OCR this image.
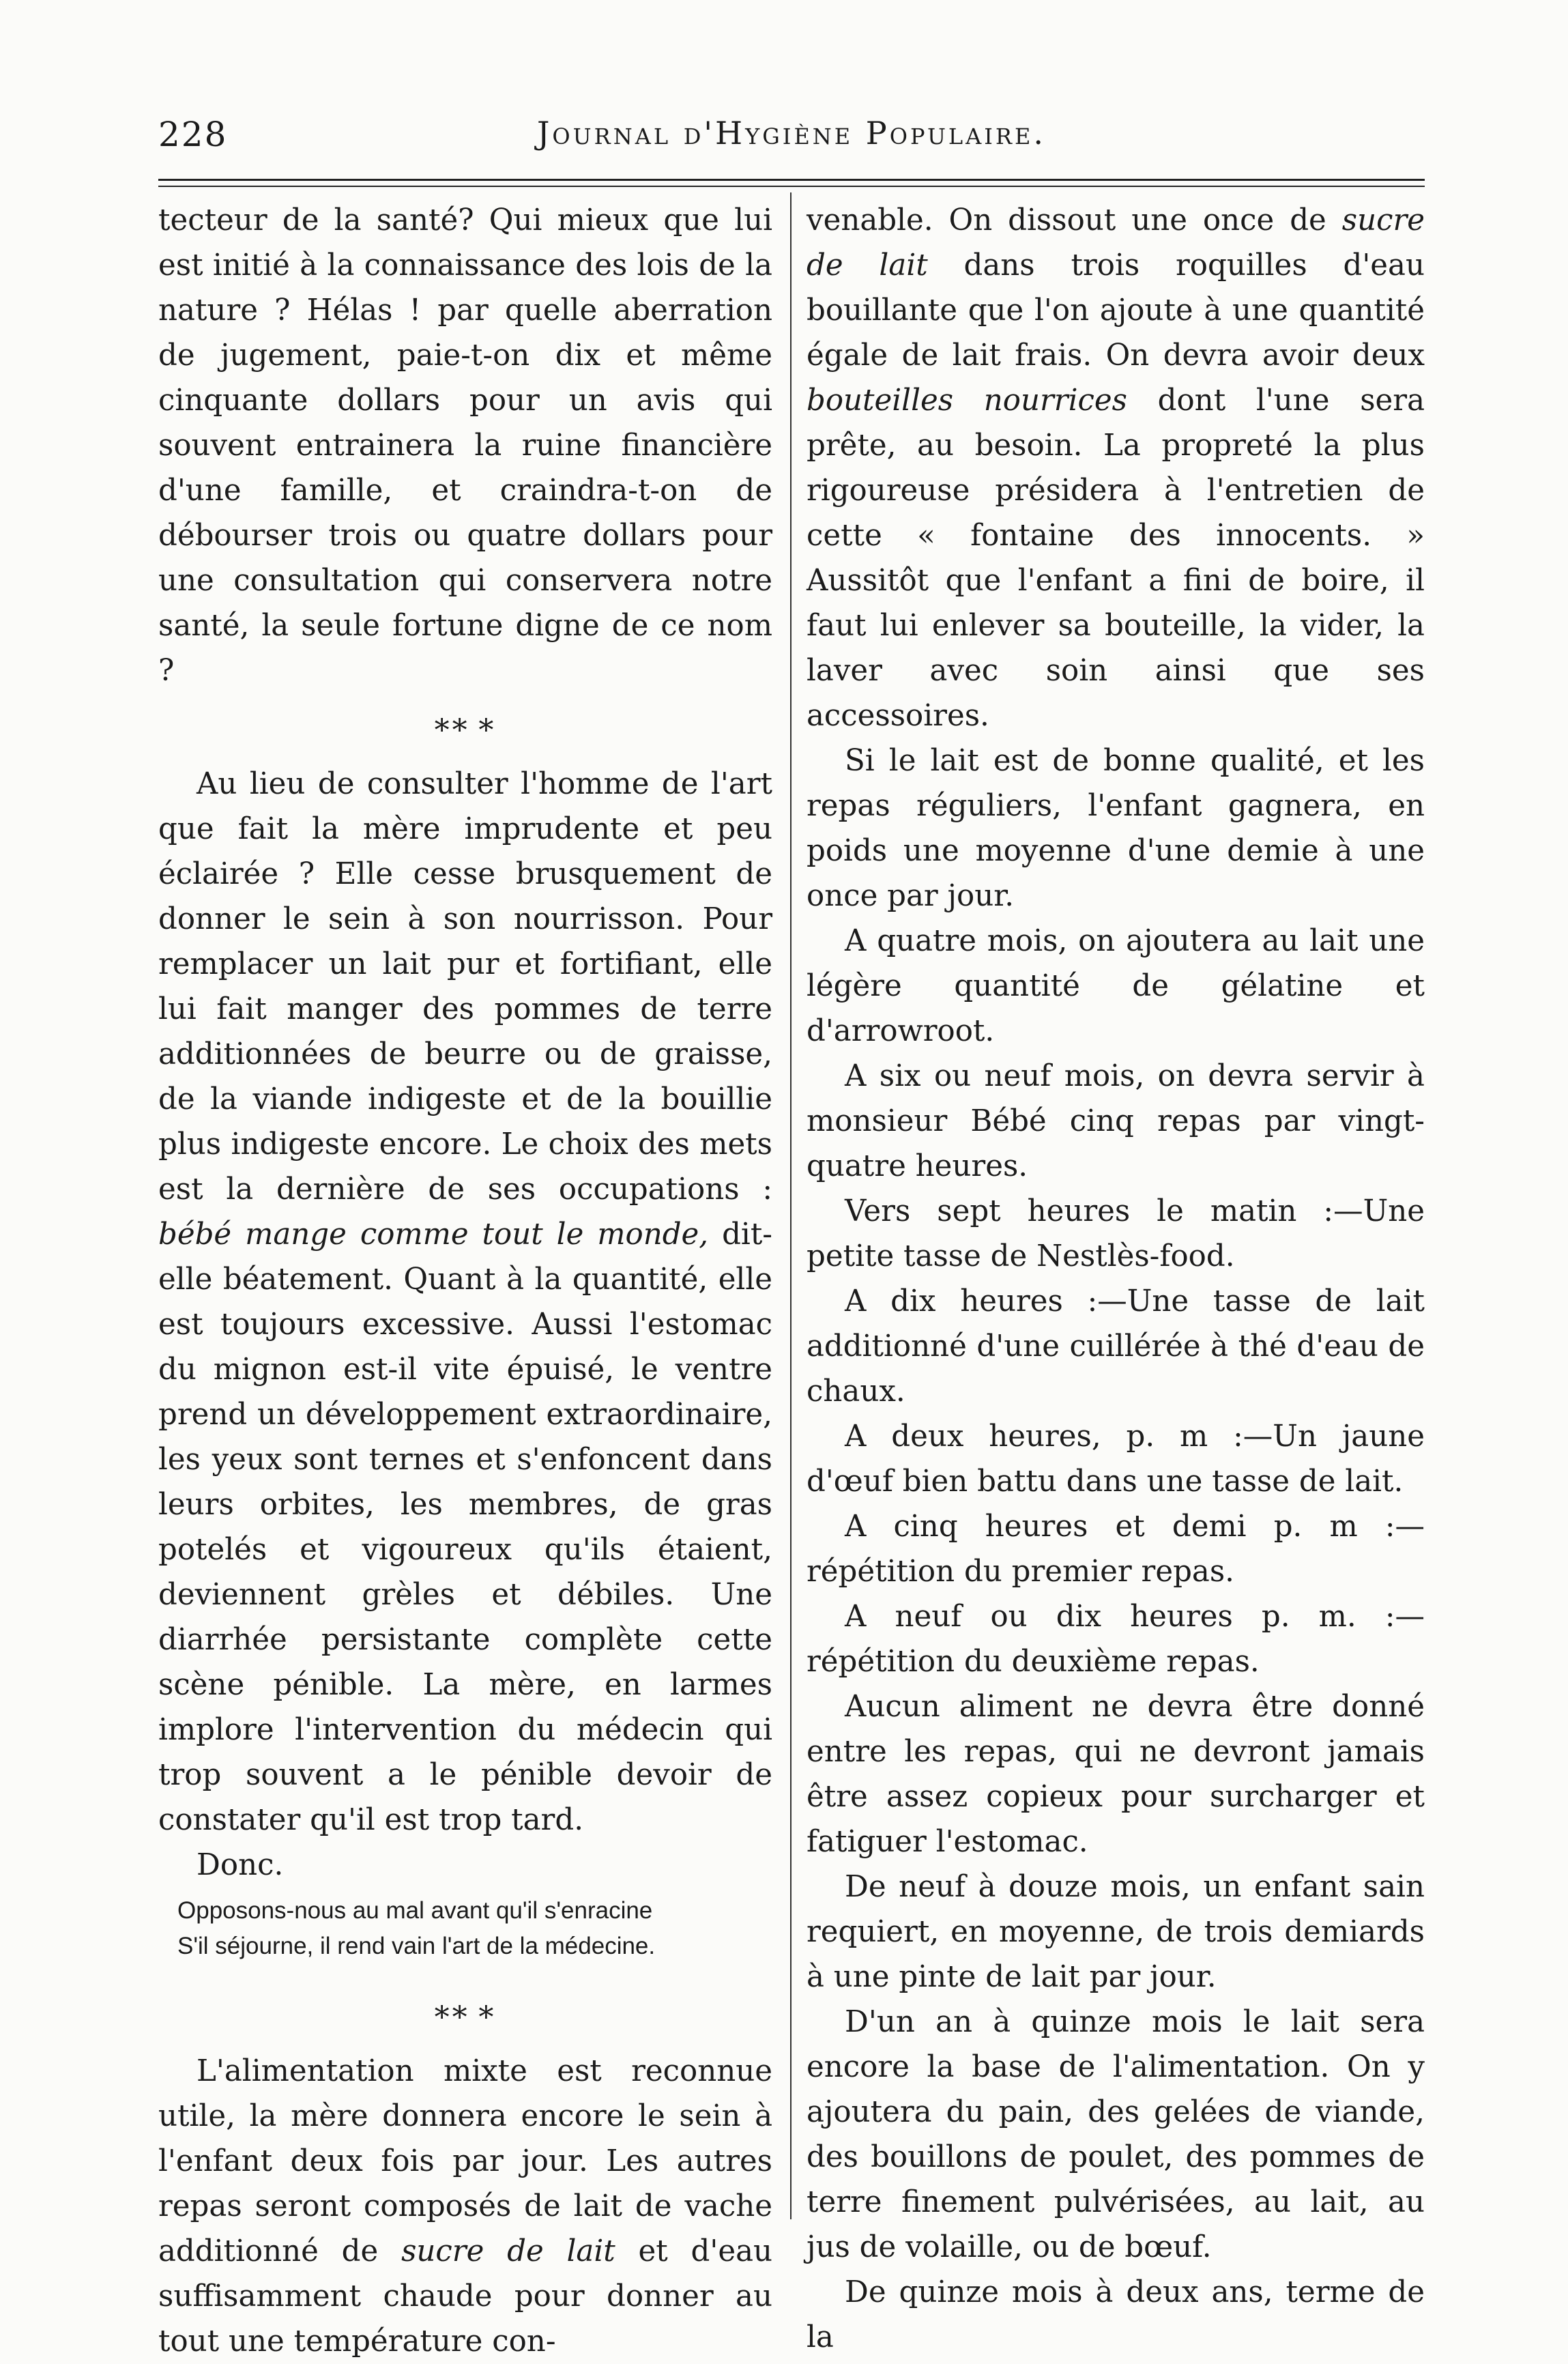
228	Journal d'Hygiène Populaire.

tecteur de la santé? Qui mieux que lui est initié à la connaissance des lois de la nature ? Hélas ! par quelle aberration de jugement, paie-t-on dix et même cinquante dollars pour un avis qui souvent entrainera la ruine financière d'une famille, et craindra-t-on de débourser trois ou quatre dollars pour une consultation qui conservera notre santé, la seule fortune digne de ce nom ?

** *

Au lieu de consulter l'homme de l'art que fait la mère imprudente et peu éclairée ? Elle cesse brusquement de donner le sein à son nourrisson. Pour remplacer un lait pur et fortifiant, elle lui fait manger des pommes de terre additionnées de beurre ou de graisse, de la viande indigeste et de la bouillie plus indigeste encore. Le choix des mets est la dernière de ses occupations : bébé mange comme tout le monde, dit-elle béatement. Quant à la quantité, elle est toujours excessive. Aussi l'estomac du mignon est-il vite épuisé, le ventre prend un développement extraordinaire, les yeux sont ternes et s'enfoncent dans leurs orbites, les membres, de gras potelés et vigoureux qu'ils étaient, deviennent grèles et débiles. Une diarrhée persistante complète cette scène pénible. La mère, en larmes implore l'intervention du médecin qui trop souvent a le pénible devoir de constater qu'il est trop tard.

Donc.

Opposons-nous au mal avant qu'il s'enracine
S'il séjourne, il rend vain l'art de la médecine.
** *

L'alimentation mixte est reconnue utile, la mère donnera encore le sein à l'enfant deux fois par jour. Les autres repas seront composés de lait de vache additionné de sucre de lait et d'eau suffisamment chaude pour donner au tout une température con-

venable. On dissout une once de sucre de lait dans trois roquilles d'eau bouillante que l'on ajoute à une quantité égale de lait frais. On devra avoir deux bouteilles nourrices dont l'une sera prête, au besoin. La propreté la plus rigoureuse présidera à l'entretien de cette « fontaine des innocents. » Aussitôt que l'enfant a fini de boire, il faut lui enlever sa bouteille, la vider, la laver avec soin ainsi que ses accessoires.

Si le lait est de bonne qualité, et les repas réguliers, l'enfant gagnera, en poids une moyenne d'une demie à une once par jour.

A quatre mois, on ajoutera au lait une légère quantité de gélatine et d'arrowroot.

A six ou neuf mois, on devra servir à monsieur Bébé cinq repas par vingt-quatre heures.

Vers sept heures le matin :—Une petite tasse de Nestlès-food.

A dix heures :—Une tasse de lait additionné d'une cuillérée à thé d'eau de chaux.

A deux heures, p. m :—Un jaune d'œuf bien battu dans une tasse de lait.

A cinq heures et demi p. m :—répétition du premier repas.

A neuf ou dix heures p. m. :—répétition du deuxième repas.

Aucun aliment ne devra être donné entre les repas, qui ne devront jamais être assez copieux pour surcharger et fatiguer l'estomac.

De neuf à douze mois, un enfant sain requiert, en moyenne, de trois demiards à une pinte de lait par jour.

D'un an à quinze mois le lait sera encore la base de l'alimentation. On y ajoutera du pain, des gelées de viande, des bouillons de poulet, des pommes de terre finement pulvérisées, au lait, au jus de volaille, ou de bœuf.

De quinze mois à deux ans, terme de la
